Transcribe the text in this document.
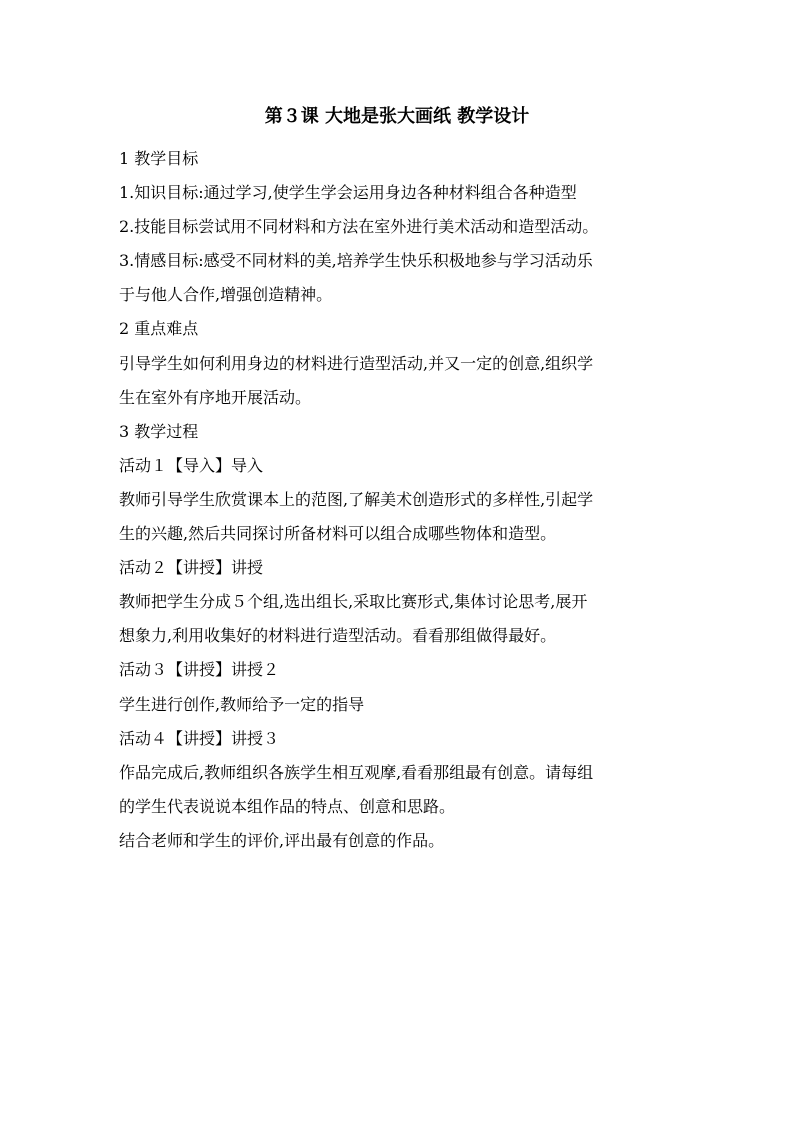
第３课 大地是张大画纸 教学设计
1 教学目标
1.知识目标:通过学习,使学生学会运用身边各种材料组合各种造型
2.技能目标尝试用不同材料和方法在室外进行美术活动和造型活动。
3.情感目标:感受不同材料的美,培养学生快乐积极地参与学习活动乐
于与他人合作,增强创造精神。
2 重点难点
引导学生如何利用身边的材料进行造型活动,并又一定的创意,组织学
生在室外有序地开展活动。
3 教学过程
活动１【导入】导入
教师引导学生欣赏课本上的范图,了解美术创造形式的多样性,引起学
生的兴趣,然后共同探讨所备材料可以组合成哪些物体和造型。
活动２【讲授】讲授
教师把学生分成５个组,选出组长,采取比赛形式,集体讨论思考,展开
想象力,利用收集好的材料进行造型活动。看看那组做得最好。
活动３【讲授】讲授２
学生进行创作,教师给予一定的指导
活动４【讲授】讲授３
作品完成后,教师组织各族学生相互观摩,看看那组最有创意。请每组
的学生代表说说本组作品的特点、创意和思路。
结合老师和学生的评价,评出最有创意的作品。
